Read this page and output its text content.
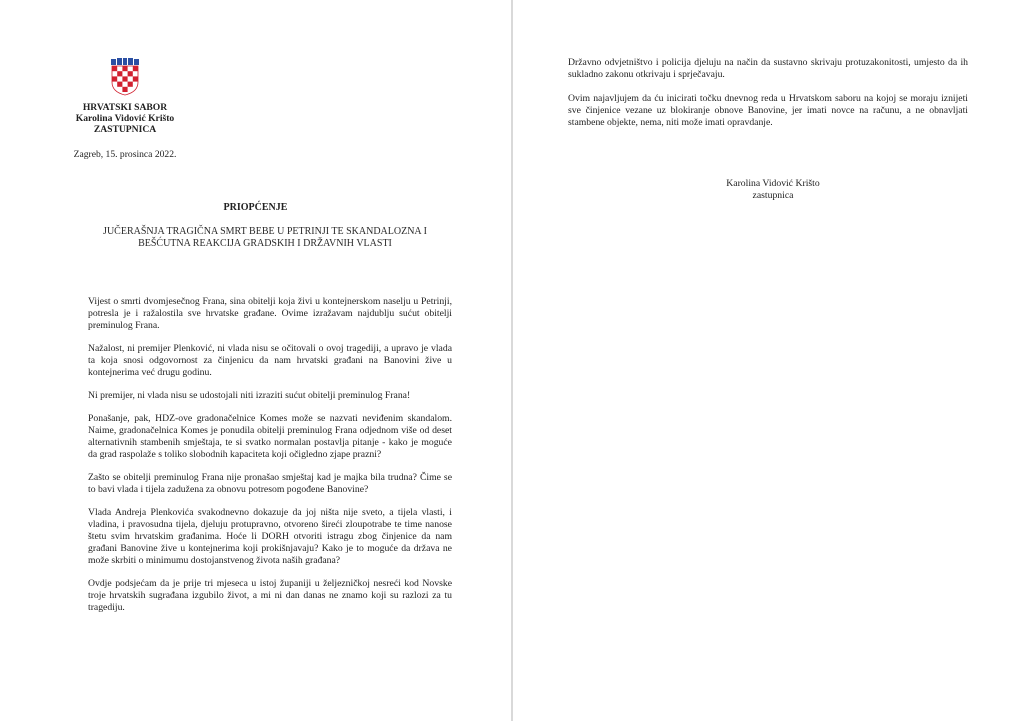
HRVATSKI SABOR
Karolina Vidović Krišto
ZASTUPNICA
Zagreb, 15. prosinca 2022.
PRIOPĆENJE
JUČERAŠNJA TRAGIČNA SMRT BEBE U PETRINJI TE SKANDALOZNA I
BEŠĆUTNA REAKCIJA GRADSKIH I DRŽAVNIH VLASTI

Vijest o smrti dvomjesečnog Frana, sina obitelji koja živi u kontejnerskom naselju u Petrinji, potresla je i ražalostila sve hrvatske građane. Ovime izražavam najdublju sućut obitelji preminulog Frana.

Nažalost, ni premijer Plenković, ni vlada nisu se očitovali o ovoj tragediji, a upravo je vlada ta koja snosi odgovornost za činjenicu da nam hrvatski građani na Banovini žive u kontejnerima već drugu godinu.

Ni premijer, ni vlada nisu se udostojali niti izraziti sućut obitelji preminulog Frana!

Ponašanje, pak, HDZ-ove gradonačelnice Komes može se nazvati neviđenim skandalom. Naime, gradonačelnica Komes je ponudila obitelji preminulog Frana odjednom više od deset alternativnih stambenih smještaja, te si svatko normalan postavlja pitanje - kako je moguće da grad raspolaže s toliko slobodnih kapaciteta koji očigledno zjape prazni?

Zašto se obitelji preminulog Frana nije pronašao smještaj kad je majka bila trudna? Čime se to bavi vlada i tijela zadužena za obnovu potresom pogođene Banovine?

Vlada Andreja Plenkovića svakodnevno dokazuje da joj ništa nije sveto, a tijela vlasti, i vladina, i pravosudna tijela, djeluju protupravno, otvoreno šireći zloupotrabe te time nanose štetu svim hrvatskim građanima. Hoće li DORH otvoriti istragu zbog činjenice da nam građani Banovine žive u kontejnerima koji prokišnjavaju? Kako je to moguće da država ne može skrbiti o minimumu dostojanstvenog života naših građana?

Ovdje podsjećam da je prije tri mjeseca u istoj županiji u željezničkoj nesreći kod Novske troje hrvatskih sugrađana izgubilo život, a mi ni dan danas ne znamo koji su razlozi za tu tragediju.

Državno odvjetništvo i policija djeluju na način da sustavno skrivaju protuzakonitosti, umjesto da ih sukladno zakonu otkrivaju i sprječavaju.

Ovim najavljujem da ću inicirati točku dnevnog reda u Hrvatskom saboru na kojoj se moraju iznijeti sve činjenice vezane uz blokiranje obnove Banovine, jer imati novce na računu, a ne obnavljati stambene objekte, nema, niti može imati opravdanje.

Karolina Vidović Krišto
zastupnica
